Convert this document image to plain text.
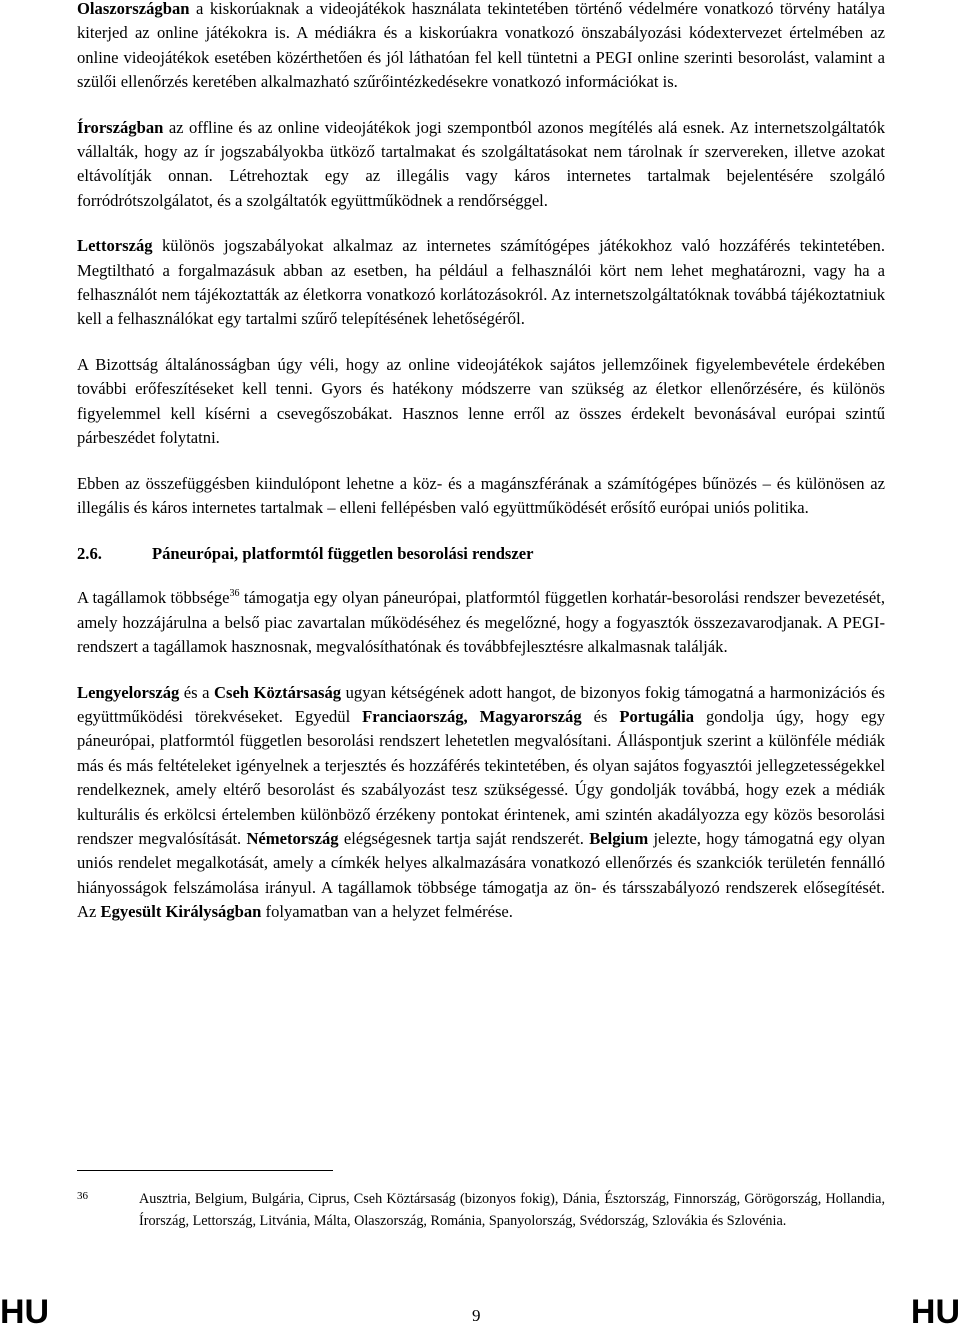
Olaszországban a kiskorúaknak a videojátékok használata tekintetében történő védelmére vonatkozó törvény hatálya kiterjed az online játékokra is. A médiákra és a kiskorúakra vonatkozó önszabályozási kódextervezet értelmében az online videojátékok esetében közérthetően és jól láthatóan fel kell tüntetni a PEGI online szerinti besorolást, valamint a szülői ellenőrzés keretében alkalmazható szűrőintézkedésekre vonatkozó információkat is.

Írországban az offline és az online videojátékok jogi szempontból azonos megítélés alá esnek. Az internetszolgáltatók vállalták, hogy az ír jogszabályokba ütköző tartalmakat és szolgáltatásokat nem tárolnak ír szervereken, illetve azokat eltávolítják onnan. Létrehoztak egy az illegális vagy káros internetes tartalmak bejelentésére szolgáló forródrótszolgálatot, és a szolgáltatók együttműködnek a rendőrséggel.

Lettország különös jogszabályokat alkalmaz az internetes számítógépes játékokhoz való hozzáférés tekintetében. Megtiltható a forgalmazásuk abban az esetben, ha például a felhasználói kört nem lehet meghatározni, vagy ha a felhasználót nem tájékoztatták az életkorra vonatkozó korlátozásokról. Az internetszolgáltatóknak továbbá tájékoztatniuk kell a felhasználókat egy tartalmi szűrő telepítésének lehetőségéről.

A Bizottság általánosságban úgy véli, hogy az online videojátékok sajátos jellemzőinek figyelembevétele érdekében további erőfeszítéseket kell tenni. Gyors és hatékony módszerre van szükség az életkor ellenőrzésére, és különös figyelemmel kell kísérni a csevegőszobákat. Hasznos lenne erről az összes érdekelt bevonásával európai szintű párbeszédet folytatni.

Ebben az összefüggésben kiindulópont lehetne a köz- és a magánszférának a számítógépes bűnözés – és különösen az illegális és káros internetes tartalmak – elleni fellépésben való együttműködését erősítő európai uniós politika.

2.6.	Páneurópai, platformtól független besorolási rendszer

A tagállamok többsége$^{36}$ támogatja egy olyan páneurópai, platformtól független korhatár-besorolási rendszer bevezetését, amely hozzájárulna a belső piac zavartalan működéséhez és megelőzné, hogy a fogyasztók összezavarodjanak. A PEGI-rendszert a tagállamok hasznosnak, megvalósíthatónak és továbbfejlesztésre alkalmasnak találják.

Lengyelország és a Cseh Köztársaság ugyan kétségének adott hangot, de bizonyos fokig támogatná a harmonizációs és együttműködési törekvéseket. Egyedül Franciaország, Magyarország és Portugália gondolja úgy, hogy egy páneurópai, platformtól független besorolási rendszert lehetetlen megvalósítani. Álláspontjuk szerint a különféle médiák más és más feltételeket igényelnek a terjesztés és hozzáférés tekintetében, és olyan sajátos fogyasztói jellegzetességekkel rendelkeznek, amely eltérő besorolást és szabályozást tesz szükségessé. Úgy gondolják továbbá, hogy ezek a médiák kulturális és erkölcsi értelemben különböző érzékeny pontokat érintenek, ami szintén akadályozza egy közös besorolási rendszer megvalósítását. Németország elégségesnek tartja saját rendszerét. Belgium jelezte, hogy támogatná egy olyan uniós rendelet megalkotását, amely a címkék helyes alkalmazására vonatkozó ellenőrzés és szankciók területén fennálló hiányosságok felszámolása irányul. A tagállamok többsége támogatja az ön- és társszabályozó rendszerek elősegítését. Az Egyesült Királyságban folyamatban van a helyzet felmérése.

36	Ausztria, Belgium, Bulgária, Ciprus, Cseh Köztársaság (bizonyos fokig), Dánia, Észtország, Finnország, Görögország, Hollandia, Írország, Lettország, Litvánia, Málta, Olaszország, Románia, Spanyolország, Svédország, Szlovákia és Szlovénia.
HU	9	HU
